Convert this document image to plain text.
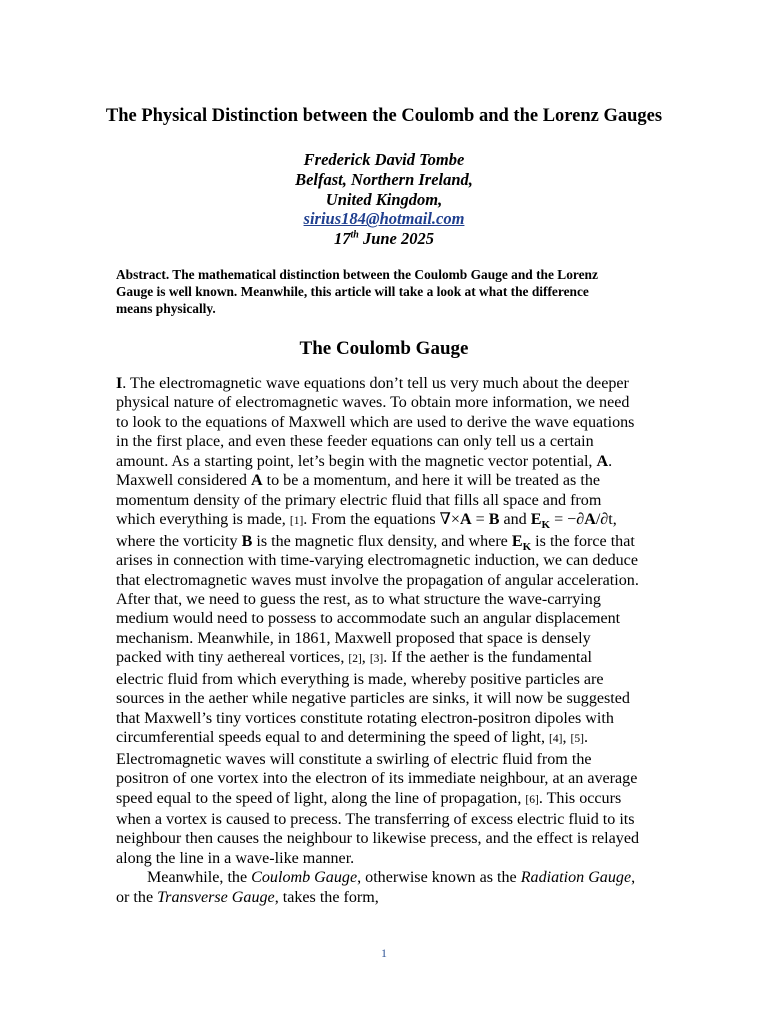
The Physical Distinction between the Coulomb and the Lorenz Gauges
Frederick David Tombe
Belfast, Northern Ireland,
United Kingdom,
sirius184@hotmail.com
17th June 2025
Abstract. The mathematical distinction between the Coulomb Gauge and the Lorenz
Gauge is well known. Meanwhile, this article will take a look at what the difference
means physically.
The Coulomb Gauge
I. The electromagnetic wave equations don’t tell us very much about the deeper
physical nature of electromagnetic waves. To obtain more information, we need
to look to the equations of Maxwell which are used to derive the wave equations
in the first place, and even these feeder equations can only tell us a certain
amount. As a starting point, let’s begin with the magnetic vector potential, A.
Maxwell considered A to be a momentum, and here it will be treated as the
momentum density of the primary electric fluid that fills all space and from
which everything is made, [1]. From the equations ∇×A = B and $E_K = -\partial A/\partial t$,
where the vorticity B is the magnetic flux density, and where $E_K$ is the force that
arises in connection with time-varying electromagnetic induction, we can deduce
that electromagnetic waves must involve the propagation of angular acceleration.
After that, we need to guess the rest, as to what structure the wave-carrying
medium would need to possess to accommodate such an angular displacement
mechanism. Meanwhile, in 1861, Maxwell proposed that space is densely
packed with tiny aethereal vortices, [2], [3]. If the aether is the fundamental
electric fluid from which everything is made, whereby positive particles are
sources in the aether while negative particles are sinks, it will now be suggested
that Maxwell’s tiny vortices constitute rotating electron-positron dipoles with
circumferential speeds equal to and determining the speed of light, [4], [5].
Electromagnetic waves will constitute a swirling of electric fluid from the
positron of one vortex into the electron of its immediate neighbour, at an average
speed equal to the speed of light, along the line of propagation, [6]. This occurs
when a vortex is caused to precess. The transferring of excess electric fluid to its
neighbour then causes the neighbour to likewise precess, and the effect is relayed
along the line in a wave-like manner.
Meanwhile, the Coulomb Gauge, otherwise known as the Radiation Gauge,
or the Transverse Gauge, takes the form,
1
